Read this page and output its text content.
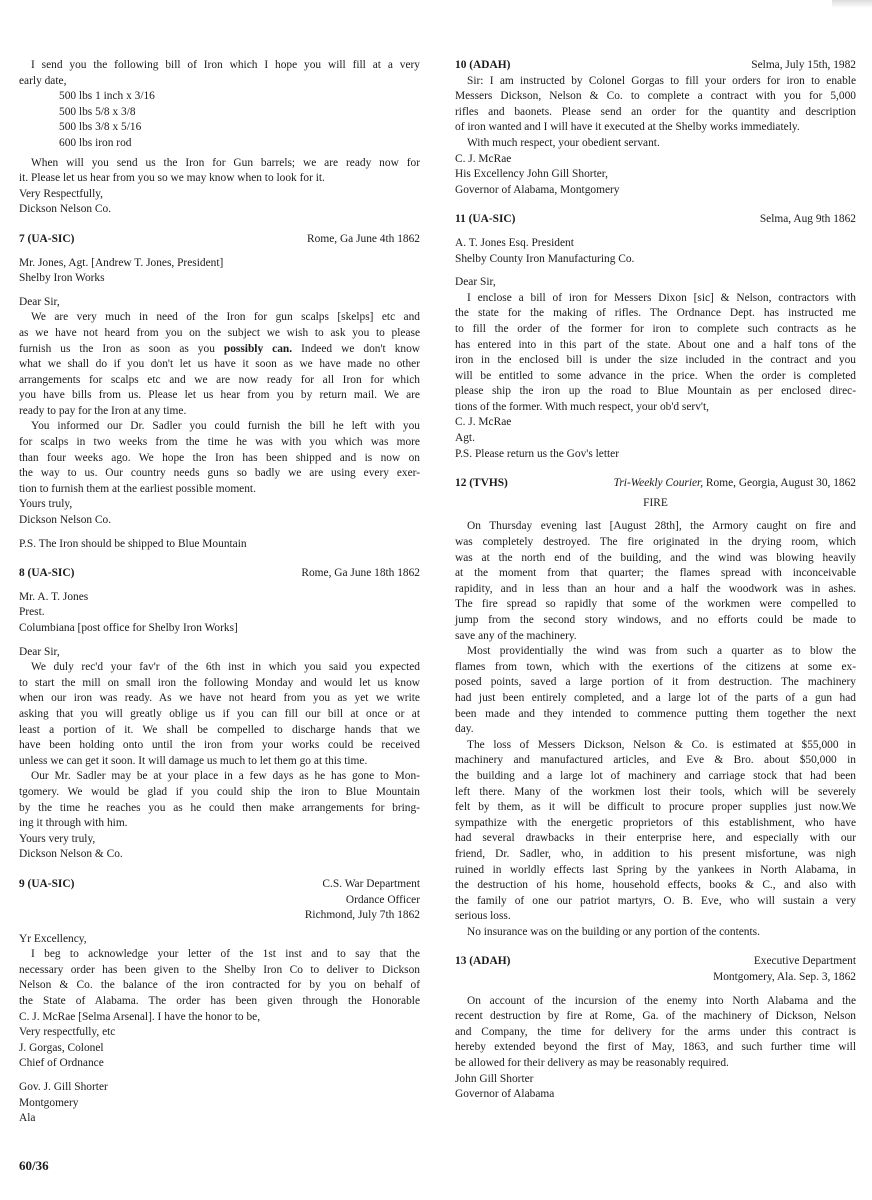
I send you the following bill of Iron which I hope you will fill at a very
early date,
500 lbs 1 inch x 3/16
500 lbs 5/8 x 3/8
500 lbs 3/8 x 5/16
600 lbs iron rod
When will you send us the Iron for Gun barrels; we are ready now for
it. Please let us hear from you so we may know when to look for it.
Very Respectfully,
Dickson Nelson Co.
7 (UA-SIC)	Rome, Ga June 4th 1862
Mr. Jones, Agt. [Andrew T. Jones, President]
Shelby Iron Works
Dear Sir,
We are very much in need of the Iron for gun scalps [skelps] etc and
as we have not heard from you on the subject we wish to ask you to please
furnish us the Iron as soon as you possibly can. Indeed we don't know
what we shall do if you don't let us have it soon as we have made no other
arrangements for scalps etc and we are now ready for all Iron for which
you have bills from us. Please let us hear from you by return mail. We are
ready to pay for the Iron at any time.
You informed our Dr. Sadler you could furnish the bill he left with you
for scalps in two weeks from the time he was with you which was more
than four weeks ago. We hope the Iron has been shipped and is now on
the way to us. Our country needs guns so badly we are using every exer-
tion to furnish them at the earliest possible moment.
Yours truly,
Dickson Nelson Co.
P.S. The Iron should be shipped to Blue Mountain
8 (UA-SIC)	Rome, Ga June 18th 1862
Mr. A. T. Jones
Prest.
Columbiana [post office for Shelby Iron Works]
Dear Sir,
We duly rec'd your fav'r of the 6th inst in which you said you expected
to start the mill on small iron the following Monday and would let us know
when our iron was ready. As we have not heard from you as yet we write
asking that you will greatly oblige us if you can fill our bill at once or at
least a portion of it. We shall be compelled to discharge hands that we
have been holding onto until the iron from your works could be received
unless we can get it soon. It will damage us much to let them go at this time.
Our Mr. Sadler may be at your place in a few days as he has gone to Mon-
tgomery. We would be glad if you could ship the iron to Blue Mountain
by the time he reaches you as he could then make arrangements for bring-
ing it through with him.
Yours very truly,
Dickson Nelson & Co.
9 (UA-SIC)	C.S. War Department
Ordance Officer
Richmond, July 7th 1862
Yr Excellency,
I beg to acknowledge your letter of the 1st inst and to say that the
necessary order has been given to the Shelby Iron Co to deliver to Dickson
Nelson & Co. the balance of the iron contracted for by you on behalf of
the State of Alabama. The order has been given through the Honorable
C. J. McRae [Selma Arsenal]. I have the honor to be,
Very respectfully, etc
J. Gorgas, Colonel
Chief of Ordnance
Gov. J. Gill Shorter
Montgomery
Ala
10 (ADAH)	Selma, July 15th, 1982
Sir: I am instructed by Colonel Gorgas to fill your orders for iron to enable
Messers Dickson, Nelson & Co. to complete a contract with you for 5,000
rifles and baonets. Please send an order for the quantity and description
of iron wanted and I will have it executed at the Shelby works immediately.
With much respect, your obedient servant.
C. J. McRae
His Excellency John Gill Shorter,
Governor of Alabama, Montgomery
11 (UA-SIC)	Selma, Aug 9th 1862
A. T. Jones Esq. President
Shelby County Iron Manufacturing Co.
Dear Sir,
I enclose a bill of iron for Messers Dixon [sic] & Nelson, contractors with
the state for the making of rifles. The Ordnance Dept. has instructed me
to fill the order of the former for iron to complete such contracts as he
has entered into in this part of the state. About one and a half tons of the
iron in the enclosed bill is under the size included in the contract and you
will be entitled to some advance in the price. When the order is completed
please ship the iron up the road to Blue Mountain as per enclosed direc-
tions of the former. With much respect, your ob'd serv't,
C. J. McRae
Agt.
P.S. Please return us the Gov's letter
12 (TVHS)	Tri-Weekly Courier, Rome, Georgia, August 30, 1862
FIRE
On Thursday evening last [August 28th], the Armory caught on fire and
was completely destroyed. The fire originated in the drying room, which
was at the north end of the building, and the wind was blowing heavily
at the moment from that quarter; the flames spread with inconceivable
rapidity, and in less than an hour and a half the woodwork was in ashes.
The fire spread so rapidly that some of the workmen were compelled to
jump from the second story windows, and no efforts could be made to
save any of the machinery.
Most providentially the wind was from such a quarter as to blow the
flames from town, which with the exertions of the citizens at some ex-
posed points, saved a large portion of it from destruction. The machinery
had just been entirely completed, and a large lot of the parts of a gun had
been made and they intended to commence putting them together the next
day.
The loss of Messers Dickson, Nelson & Co. is estimated at $55,000 in
machinery and manufactured articles, and Eve & Bro. about $50,000 in
the building and a large lot of machinery and carriage stock that had been
left there. Many of the workmen lost their tools, which will be severely
felt by them, as it will be difficult to procure proper supplies just now.We
sympathize with the energetic proprietors of this establishment, who have
had several drawbacks in their enterprise here, and especially with our
friend, Dr. Sadler, who, in addition to his present misfortune, was nigh
ruined in worldly effects last Spring by the yankees in North Alabama, in
the destruction of his home, household effects, books & C., and also with
the family of one our patriot martyrs, O. B. Eve, who will sustain a very
serious loss.
No insurance was on the building or any portion of the contents.
13 (ADAH)	Executive Department
Montgomery, Ala. Sep. 3, 1862
On account of the incursion of the enemy into North Alabama and the
recent destruction by fire at Rome, Ga. of the machinery of Dickson, Nelson
and Company, the time for delivery for the arms under this contract is
hereby extended beyond the first of May, 1863, and such further time will
be allowed for their delivery as may be reasonably required.
John Gill Shorter
Governor of Alabama
60/36
